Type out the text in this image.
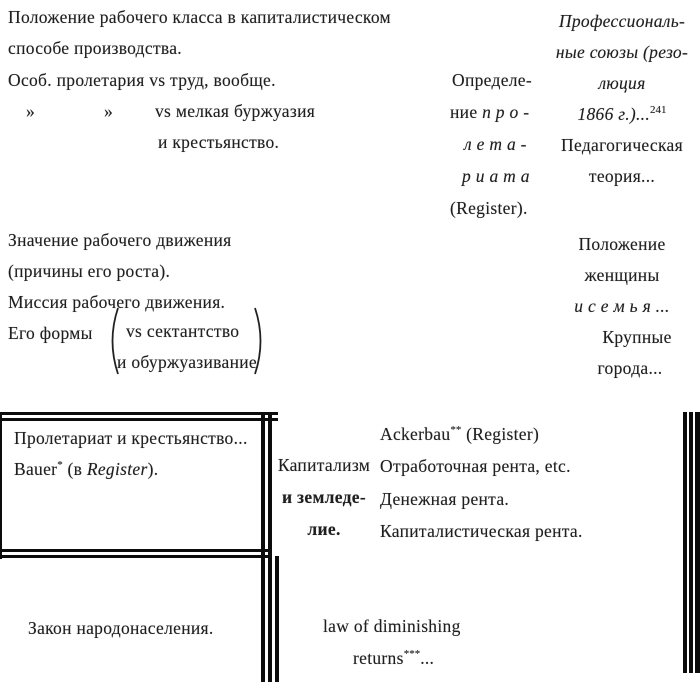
Положение рабочего класса в капиталистическом
способе производства.
Особ. пролетария vs труд, вообще.
»	» vs мелкая буржуазия
и крестьянство.
Определе-
ние п р о -
л е т а -
р и а т а
(Register).
Профессиональ-
ные союзы (резо-
люция
1866 г.)...$^{241}$
Педагогическая
теория...
Значение рабочего движения
(причины его роста).
Миссия рабочего движения.
Его формы vs сектантство
и обуржуазивание
Положение
женщины
и с е м ь я ...
Крупные
города...
Пролетариат и крестьянство...
Bauer* (в Register).	Капитализм
и земледе-
лие.
Ackerbau** (Register)
Отработочная рента, etc.
Денежная рента.
Капиталистическая рента.
Закон народонаселения.	law of diminishing
returns***...
